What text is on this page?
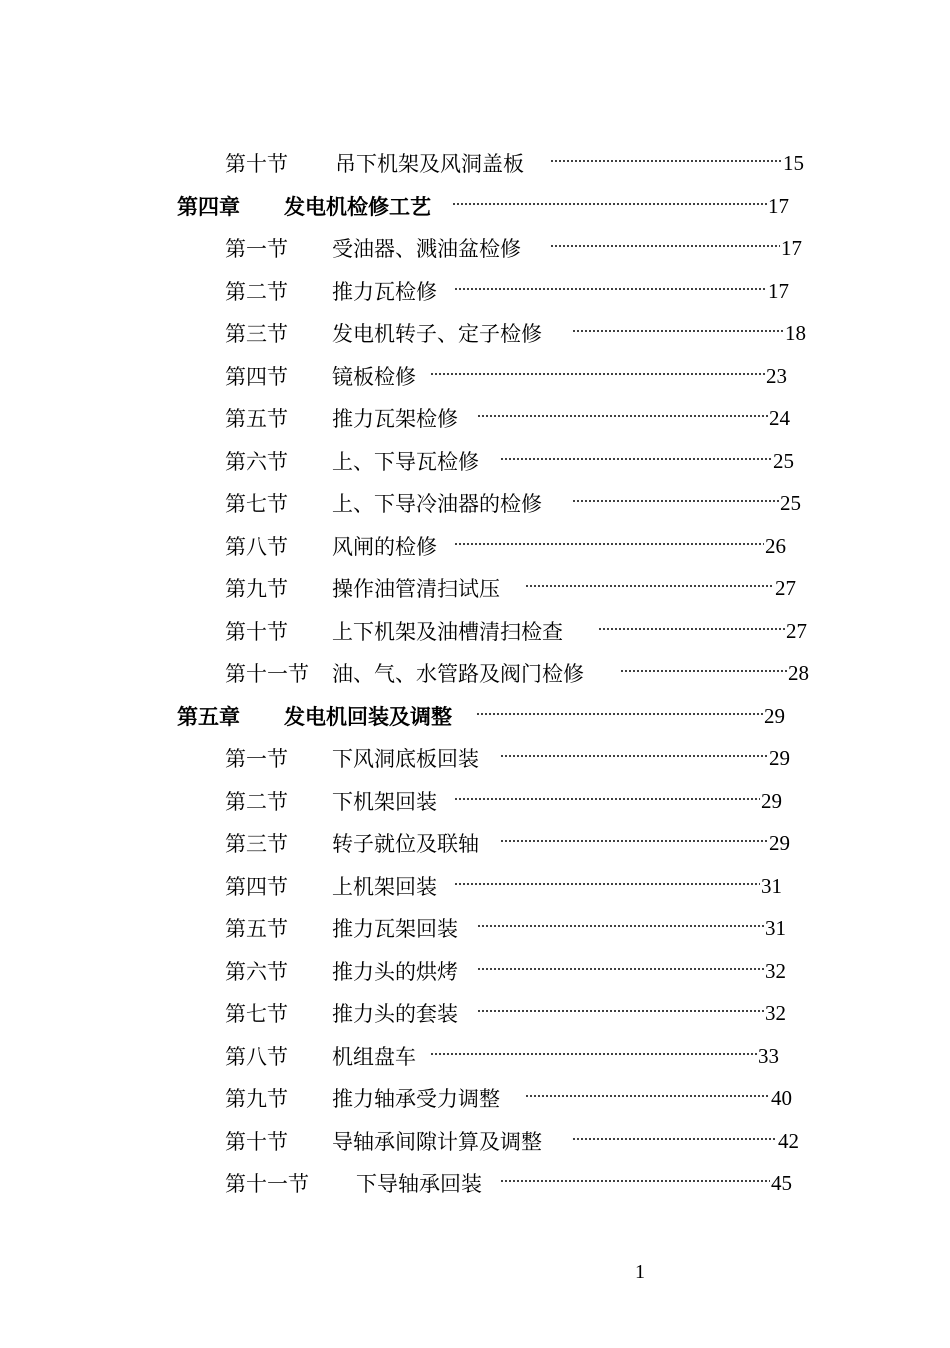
第十节 吊下机架及风洞盖板	15
第四章 发电机检修工艺	17
第一节 受油器、溅油盆检修	17
第二节 推力瓦检修	17
第三节 发电机转子、定子检修	18
第四节 镜板检修	23
第五节 推力瓦架检修	24
第六节 上、下导瓦检修	25
第七节 上、下导冷油器的检修	25
第八节 风闸的检修	26
第九节 操作油管清扫试压	27
第十节 上下机架及油槽清扫检查	27
第十一节 油、气、水管路及阀门检修	28
第五章 发电机回装及调整	29
第一节 下风洞底板回装	29
第二节 下机架回装	29
第三节 转子就位及联轴	29
第四节 上机架回装	31
第五节 推力瓦架回装	31
第六节 推力头的烘烤	32
第七节 推力头的套装	32
第八节 机组盘车	33
第九节 推力轴承受力调整	40
第十节 导轴承间隙计算及调整	42
第十一节 下导轴承回装	45
1
